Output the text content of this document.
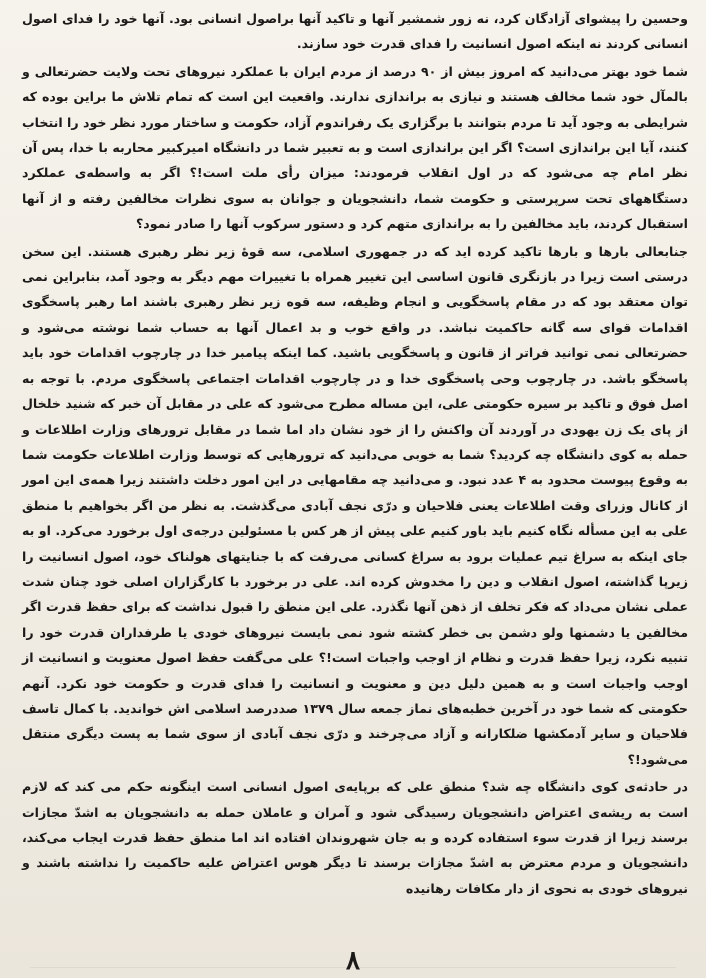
وحسین را پیشوای آزادگان کرد، نه زور شمشیر آنها و تاکید آنها براصول انسانی بود. آنها خود را فدای اصول انسانی کردند نه اینکه اصول انسانیت را فدای قدرت خود سازند.

شما خود بهتر می‌دانید که امروز بیش از ۹۰ درصد از مردم ایران با عملکرد نیروهای تحت ولایت حضرتعالی و بالمآل خود شما مخالف هستند و نیازی به براندازی ندارند. واقعیت این است که تمام تلاش ما براین بوده که شرایطی به وجود آید تا مردم بتوانند با برگزاری یک رفراندوم آزاد، حکومت و ساختار مورد نظر خود را انتخاب کنند، آیا این براندازی است؟ اگر این براندازی است و به تعبیر شما در دانشگاه امیرکبیر محاربه با خدا، پس آن نظر امام چه می‌شود که در اول انقلاب فرمودند: میزان رأی ملت است!؟ اگر به واسطه‌ی عملکرد دستگاههای تحت سرپرستی و حکومت شما، دانشجویان و جوانان به سوی نظرات مخالفین رفته و از آنها استقبال کردند، باید مخالفین را به براندازی متهم کرد و دستور سرکوب آنها را صادر نمود؟

جنابعالی بارها و بارها تاکید کرده اید که در جمهوری اسلامی، سه قوهٔ زیر نظر رهبری هستند. این سخن درستی است زیرا در بازنگری قانون اساسی این تغییر همراه با تغییرات مهم دیگر به وجود آمد، بنابراین نمی توان معتقد بود که در مقام پاسخگویی و انجام وظیفه، سه قوه زیر نظر رهبری باشند اما رهبر پاسخگوی اقدامات قوای سه گانه حاکمیت نباشد. در واقع خوب و بد اعمال آنها به حساب شما نوشته می‌شود و حضرتعالی نمی توانید فراتر از قانون و پاسخگویی باشید. کما اینکه پیامبر خدا در چارچوب اقدامات خود باید پاسخگو باشد. در چارچوب وحی پاسخگوی خدا و در چارچوب اقدامات اجتماعی پاسخگوی مردم. با توجه به اصل فوق و تاکید بر سیره حکومتی علی، این مساله مطرح می‌شود که علی در مقابل آن خبر که شنید خلخال از پای یک زن یهودی در آوردند آن واکنش را از خود نشان داد اما شما در مقابل ترورهای وزارت اطلاعات و حمله به کوی دانشگاه چه کردید؟ شما به خوبی می‌دانید که ترورهایی که توسط وزارت اطلاعات حکومت شما به وقوع پیوست محدود به ۴ عدد نبود. و می‌دانید چه مقامهایی در این امور دخلت داشتند زیرا همه‌ی این امور از کانال وزرای وقت اطلاعات یعنی فلاحیان و درّی نجف آبادی می‌گذشت. به نظر من اگر بخواهیم با منطق علی به این مسأله نگاه کنیم باید باور کنیم علی پیش از هر کس با مسئولین درجه‌ی اول برخورد می‌کرد. او به جای اینکه به سراغ تیم عملیات برود به سراغ کسانی می‌رفت که با جنایتهای هولناک خود، اصول انسانیت را زیرپا گذاشته، اصول انقلاب و دین را مخدوش کرده اند. علی در برخورد با کارگزاران اصلی خود چنان شدت عملی نشان می‌داد که فکر تخلف از ذهن آنها نگذرد. علی این منطق را قبول نداشت که برای حفظ قدرت اگر مخالفین یا دشمنها ولو دشمن بی خطر کشته شود نمی بایست نیروهای خودی یا طرفداران قدرت خود را تنبیه نکرد، زیرا حفظ قدرت و نظام از اوجب واجبات است!؟ علی می‌گفت حفظ اصول معنویت و انسانیت از اوجب واجبات است و به همین دلیل دین و معنویت و انسانیت را فدای قدرت و حکومت خود نکرد. آنهم حکومتی که شما خود در آخرین خطبه‌های نماز جمعه سال ۱۳۷۹ صددرصد اسلامی اش خواندید. با کمال تاسف فلاحیان و سایر آدمکشها ضلکارانه و آزاد می‌چرخند و درّی نجف آبادی از سوی شما به پست دیگری منتقل می‌شود!؟

در حادثه‌ی کوی دانشگاه چه شد؟ منطق علی که برپایه‌ی اصول انسانی است اینگونه حکم می کند که لازم است به ریشه‌ی اعتراض دانشجویان رسیدگی شود و آمران و عاملان حمله به دانشجویان به اشدّ مجازات برسند زیرا از قدرت سوء استفاده کرده و به جان شهروندان افتاده اند اما منطق حفظ قدرت ایجاب می‌کند، دانشجویان و مردم معترض به اشدّ مجازات برسند تا دیگر هوس اعتراض علیه حاکمیت را نداشته باشند و نیروهای خودی به نحوی از دار مکافات رهانیده

٨
